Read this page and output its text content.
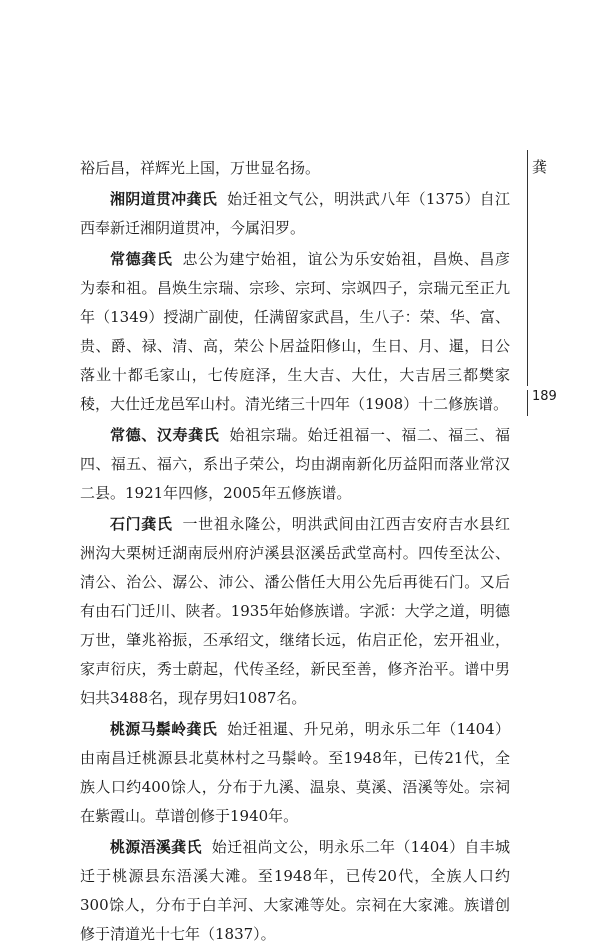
龚
189

裕后昌，祥辉光上国，万世显名扬。

湘阴道贯冲龚氏 始迁祖文气公，明洪武八年（1375）自江西奉新迁湘阴道贯冲，今属汨罗。

常德龚氏 忠公为建宁始祖，谊公为乐安始祖，昌焕、昌彦为泰和祖。昌焕生宗瑞、宗珍、宗珂、宗飒四子，宗瑞元至正九年（1349）授湖广副使，任满留家武昌，生八子：荣、华、富、贵、爵、禄、清、高，荣公卜居益阳修山，生日、月、暹，日公落业十都毛家山，七传庭泽，生大吉、大仕，大吉居三都樊家稜，大仕迁龙邑军山村。清光绪三十四年（1908）十二修族谱。

常德、汉寿龚氏 始祖宗瑞。始迁祖福一、福二、福三、福四、福五、福六，系出子荣公，均由湖南新化历益阳而落业常汉二县。1921年四修，2005年五修族谱。

石门龚氏 一世祖永隆公，明洪武间由江西吉安府吉水县红洲沟大栗树迁湖南辰州府泸溪县沤溪岳武堂高村。四传至汰公、清公、治公、潺公、沛公、潘公偕任大用公先后再徙石门。又后有由石门迁川、陕者。1935年始修族谱。字派：大学之道，明德万世，肇兆裕振，丕承绍文，继绪长远，佑启正伦，宏开祖业，家声衍庆，秀士蔚起，代传圣经，新民至善，修齐治平。谱中男妇共3488名，现存男妇1087名。

桃源马鬃岭龚氏 始迁祖暹、升兄弟，明永乐二年（1404）由南昌迁桃源县北莫林村之马鬃岭。至1948年，已传21代，全族人口约400馀人，分布于九溪、温泉、莫溪、浯溪等处。宗祠在紫霞山。草谱创修于1940年。

桃源浯溪龚氏 始迁祖尚文公，明永乐二年（1404）自丰城迁于桃源县东浯溪大滩。至1948年，已传20代，全族人口约300馀人，分布于白羊河、大家滩等处。宗祠在大家滩。族谱创修于清道光十七年（1837）。
